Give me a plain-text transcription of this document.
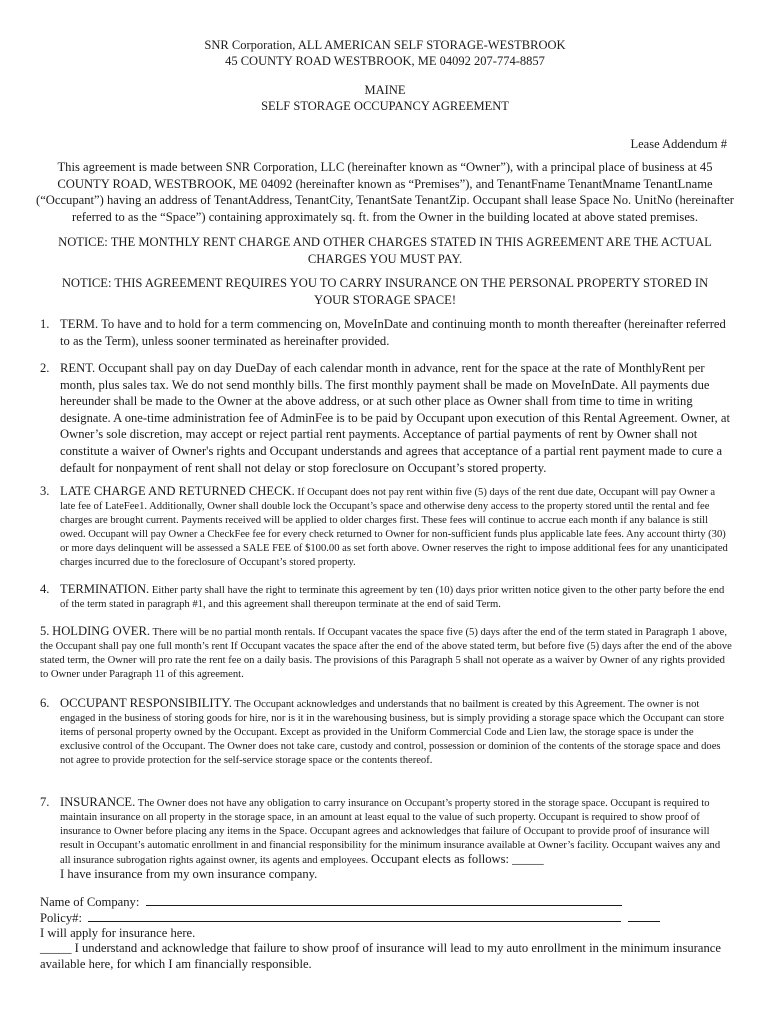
SNR Corporation, ALL AMERICAN SELF STORAGE-WESTBROOK
45 COUNTY ROAD WESTBROOK, ME 04092 207-774-8857
MAINE
SELF STORAGE OCCUPANCY AGREEMENT
Lease Addendum #
This agreement is made between SNR Corporation, LLC (hereinafter known as “Owner”), with a principal place of business at 45 COUNTY ROAD, WESTBROOK, ME 04092 (hereinafter known as “Premises”), and TenantFname TenantMname TenantLname (“Occupant”) having an address of TenantAddress, TenantCity, TenantSate TenantZip. Occupant shall lease Space No. UnitNo (hereinafter referred to as the “Space”) containing approximately sq. ft. from the Owner in the building located at above stated premises.
NOTICE: THE MONTHLY RENT CHARGE AND OTHER CHARGES STATED IN THIS AGREEMENT ARE THE ACTUAL CHARGES YOU MUST PAY.
NOTICE: THIS AGREEMENT REQUIRES YOU TO CARRY INSURANCE ON THE PERSONAL PROPERTY STORED IN YOUR STORAGE SPACE!
1. TERM. To have and to hold for a term commencing on, MoveInDate and continuing month to month thereafter (hereinafter referred to as the Term), unless sooner terminated as hereinafter provided.
2. RENT. Occupant shall pay on day DueDay of each calendar month in advance, rent for the space at the rate of MonthlyRent per month, plus sales tax. We do not send monthly bills. The first monthly payment shall be made on MoveInDate. All payments due hereunder shall be made to the Owner at the above address, or at such other place as Owner shall from time to time in writing designate. A one-time administration fee of AdminFee is to be paid by Occupant upon execution of this Rental Agreement. Owner, at Owner’s sole discretion, may accept or reject partial rent payments. Acceptance of partial payments of rent by Owner shall not constitute a waiver of Owner's rights and Occupant understands and agrees that acceptance of a partial rent payment made to cure a default for nonpayment of rent shall not delay or stop foreclosure on Occupant’s stored property.
3. LATE CHARGE AND RETURNED CHECK. If Occupant does not pay rent within five (5) days of the rent due date, Occupant will pay Owner a late fee of LateFee1. Additionally, Owner shall double lock the Occupant’s space and otherwise deny access to the property stored until the rental and fee charges are brought current. Payments received will be applied to older charges first. These fees will continue to accrue each month if any balance is still owed. Occupant will pay Owner a CheckFee fee for every check returned to Owner for non-sufficient funds plus applicable late fees. Any account thirty (30) or more days delinquent will be assessed a SALE FEE of $100.00 as set forth above. Owner reserves the right to impose additional fees for any unanticipated charges incurred due to the foreclosure of Occupant’s stored property.
4. TERMINATION. Either party shall have the right to terminate this agreement by ten (10) days prior written notice given to the other party before the end of the term stated in paragraph #1, and this agreement shall thereupon terminate at the end of said Term.
5. HOLDING OVER. There will be no partial month rentals. If Occupant vacates the space five (5) days after the end of the term stated in Paragraph 1 above, the Occupant shall pay one full month’s rent If Occupant vacates the space after the end of the above stated term, but before five (5) days after the end of the above stated term, the Owner will pro rate the rent fee on a daily basis. The provisions of this Paragraph 5 shall not operate as a waiver by Owner of any rights provided to Owner under Paragraph 11 of this agreement.
6. OCCUPANT RESPONSIBILITY. The Occupant acknowledges and understands that no bailment is created by this Agreement. The owner is not engaged in the business of storing goods for hire, nor is it in the warehousing business, but is simply providing a storage space which the Occupant can store items of personal property owned by the Occupant. Except as provided in the Uniform Commercial Code and Lien law, the storage space is under the exclusive control of the Occupant. The Owner does not take care, custody and control, possession or dominion of the contents of the storage space and does not agree to provide protection for the self-service storage space or the contents thereof.
7. INSURANCE. The Owner does not have any obligation to carry insurance on Occupant’s property stored in the storage space. Occupant is required to maintain insurance on all property in the storage space, in an amount at least equal to the value of such property. Occupant is required to show proof of insurance to Owner before placing any items in the Space. Occupant agrees and acknowledges that failure of Occupant to provide proof of insurance will result in Occupant’s automatic enrollment in and financial responsibility for the minimum insurance available at Owner’s facility. Occupant waives any and all insurance subrogation rights against owner, its agents and employees. Occupant elects as follows: _____
I have insurance from my own insurance company.
Name of Company:
Policy#:
I will apply for insurance here.
_____ I understand and acknowledge that failure to show proof of insurance will lead to my auto enrollment in the minimum insurance available here, for which I am financially responsible.
